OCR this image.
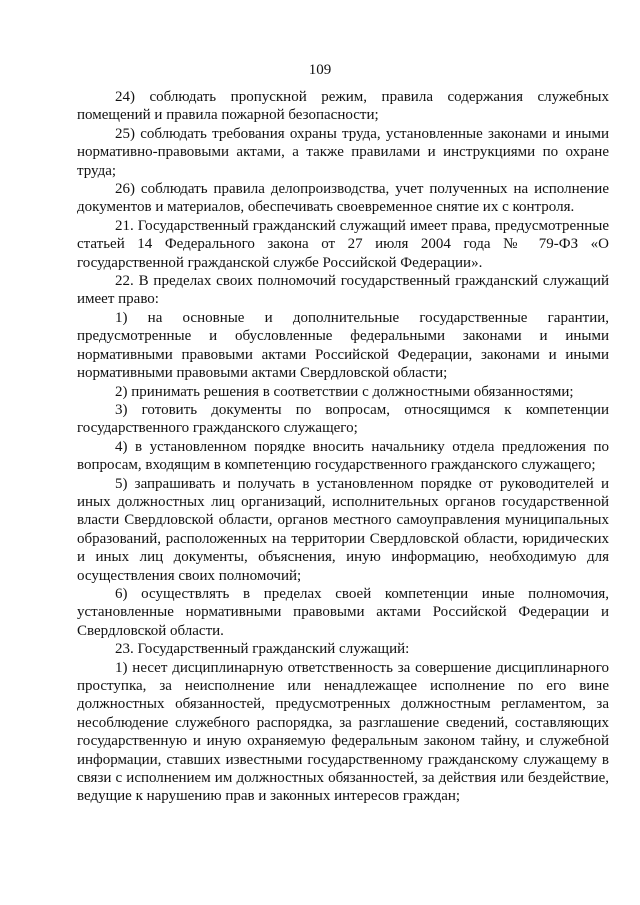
109

24) соблюдать пропускной режим, правила содержания служебных помещений и правила пожарной безопасности;

25) соблюдать требования охраны труда, установленные законами и иными нормативно-правовыми актами, а также правилами и инструкциями по охране труда;

26) соблюдать правила делопроизводства, учет полученных на исполнение документов и материалов, обеспечивать своевременное снятие их с контроля.

21. Государственный гражданский служащий имеет права, предусмотренные статьей 14 Федерального закона от 27 июля 2004 года № 79-ФЗ «О государственной гражданской службе Российской Федерации».

22. В пределах своих полномочий государственный гражданский служащий имеет право:

1) на основные и дополнительные государственные гарантии, предусмотренные и обусловленные федеральными законами и иными нормативными правовыми актами Российской Федерации, законами и иными нормативными правовыми актами Свердловской области;

2) принимать решения в соответствии с должностными обязанностями;

3) готовить документы по вопросам, относящимся к компетенции государственного гражданского служащего;

4) в установленном порядке вносить начальнику отдела предложения по вопросам, входящим в компетенцию государственного гражданского служащего;

5) запрашивать и получать в установленном порядке от руководителей и иных должностных лиц организаций, исполнительных органов государственной власти Свердловской области, органов местного самоуправления муниципальных образований, расположенных на территории Свердловской области, юридических и иных лиц документы, объяснения, иную информацию, необходимую для осуществления своих полномочий;

6) осуществлять в пределах своей компетенции иные полномочия, установленные нормативными правовыми актами Российской Федерации и Свердловской области.

23. Государственный гражданский служащий:

1) несет дисциплинарную ответственность за совершение дисциплинарного проступка, за неисполнение или ненадлежащее исполнение по его вине должностных обязанностей, предусмотренных должностным регламентом, за несоблюдение служебного распорядка, за разглашение сведений, составляющих государственную и иную охраняемую федеральным законом тайну, и служебной информации, ставших известными государственному гражданскому служащему в связи с исполнением им должностных обязанностей, за действия или бездействие, ведущие к нарушению прав и законных интересов граждан;
